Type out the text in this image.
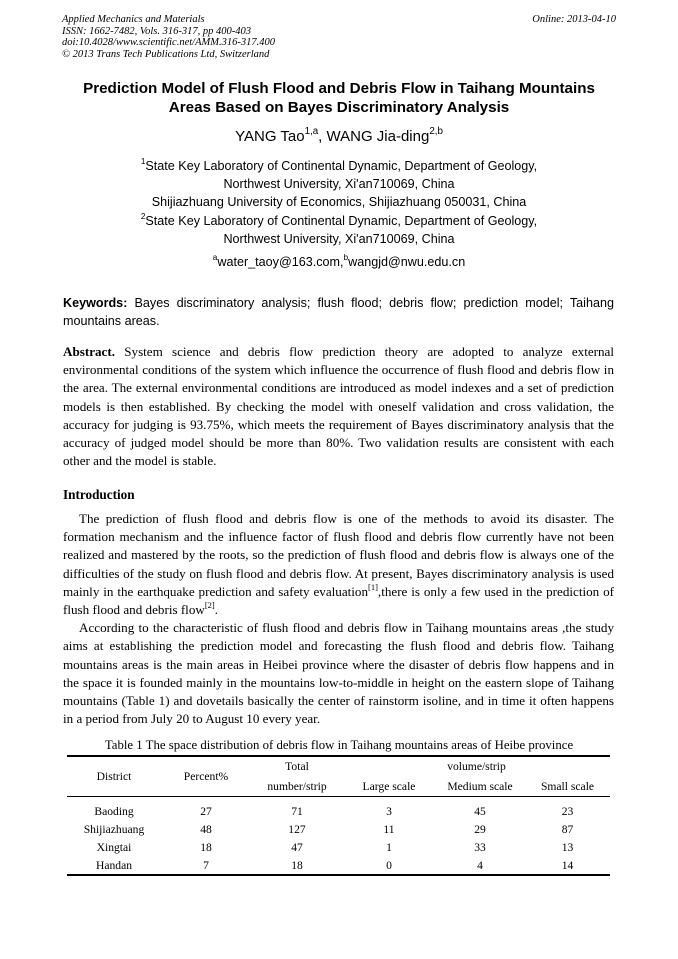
Applied Mechanics and Materials
ISSN: 1662-7482, Vols. 316-317, pp 400-403
doi:10.4028/www.scientific.net/AMM.316-317.400
© 2013 Trans Tech Publications Ltd, Switzerland
Online: 2013-04-10
Prediction Model of Flush Flood and Debris Flow in Taihang Mountains
Areas Based on Bayes Discriminatory Analysis
YANG Tao$^{1,a}$, WANG Jia-ding$^{2,b}$
$^1$State Key Laboratory of Continental Dynamic, Department of Geology,
Northwest University, Xi'an710069, China
Shijiazhuang University of Economics, Shijiazhuang 050031, China
$^2$State Key Laboratory of Continental Dynamic, Department of Geology,
Northwest University, Xi'an710069, China
$^a$water_taoy@163.com,$^b$wangjd@nwu.edu.cn
Keywords: Bayes discriminatory analysis; flush flood; debris flow; prediction model; Taihang mountains areas.
Abstract. System science and debris flow prediction theory are adopted to analyze external environmental conditions of the system which influence the occurrence of flush flood and debris flow in the area. The external environmental conditions are introduced as model indexes and a set of prediction models is then established. By checking the model with oneself validation and cross validation, the accuracy for judging is 93.75%, which meets the requirement of Bayes discriminatory analysis that the accuracy of judged model should be more than 80%. Two validation results are consistent with each other and the model is stable.
Introduction

The prediction of flush flood and debris flow is one of the methods to avoid its disaster. The formation mechanism and the influence factor of flush flood and debris flow currently have not been realized and mastered by the roots, so the prediction of flush flood and debris flow is always one of the difficulties of the study on flush flood and debris flow. At present, Bayes discriminatory analysis is used mainly in the earthquake prediction and safety evaluation[1],there is only a few used in the prediction of flush flood and debris flow[2].

According to the characteristic of flush flood and debris flow in Taihang mountains areas ,the study aims at establishing the prediction model and forecasting the flush flood and debris flow. Taihang mountains areas is the main areas in Heibei province where the disaster of debris flow happens and in the space it is founded mainly in the mountains low-to-middle in height on the eastern slope of Taihang mountains (Table 1) and dovetails basically the center of rainstorm isoline, and in time it often happens in a period from July 20 to August 10 every year.

Table 1 The space distribution of debris flow in Taihang mountains areas of Heibe province
District	Percent%	Total	volume/strip		
		number/strip	Large scale	Medium scale	Small scale

Baoding	27	71	3	45	23
Shijiazhuang	48	127	11	29	87
Xingtai	18	47	1	33	13
Handan	7	18	0	4	14
